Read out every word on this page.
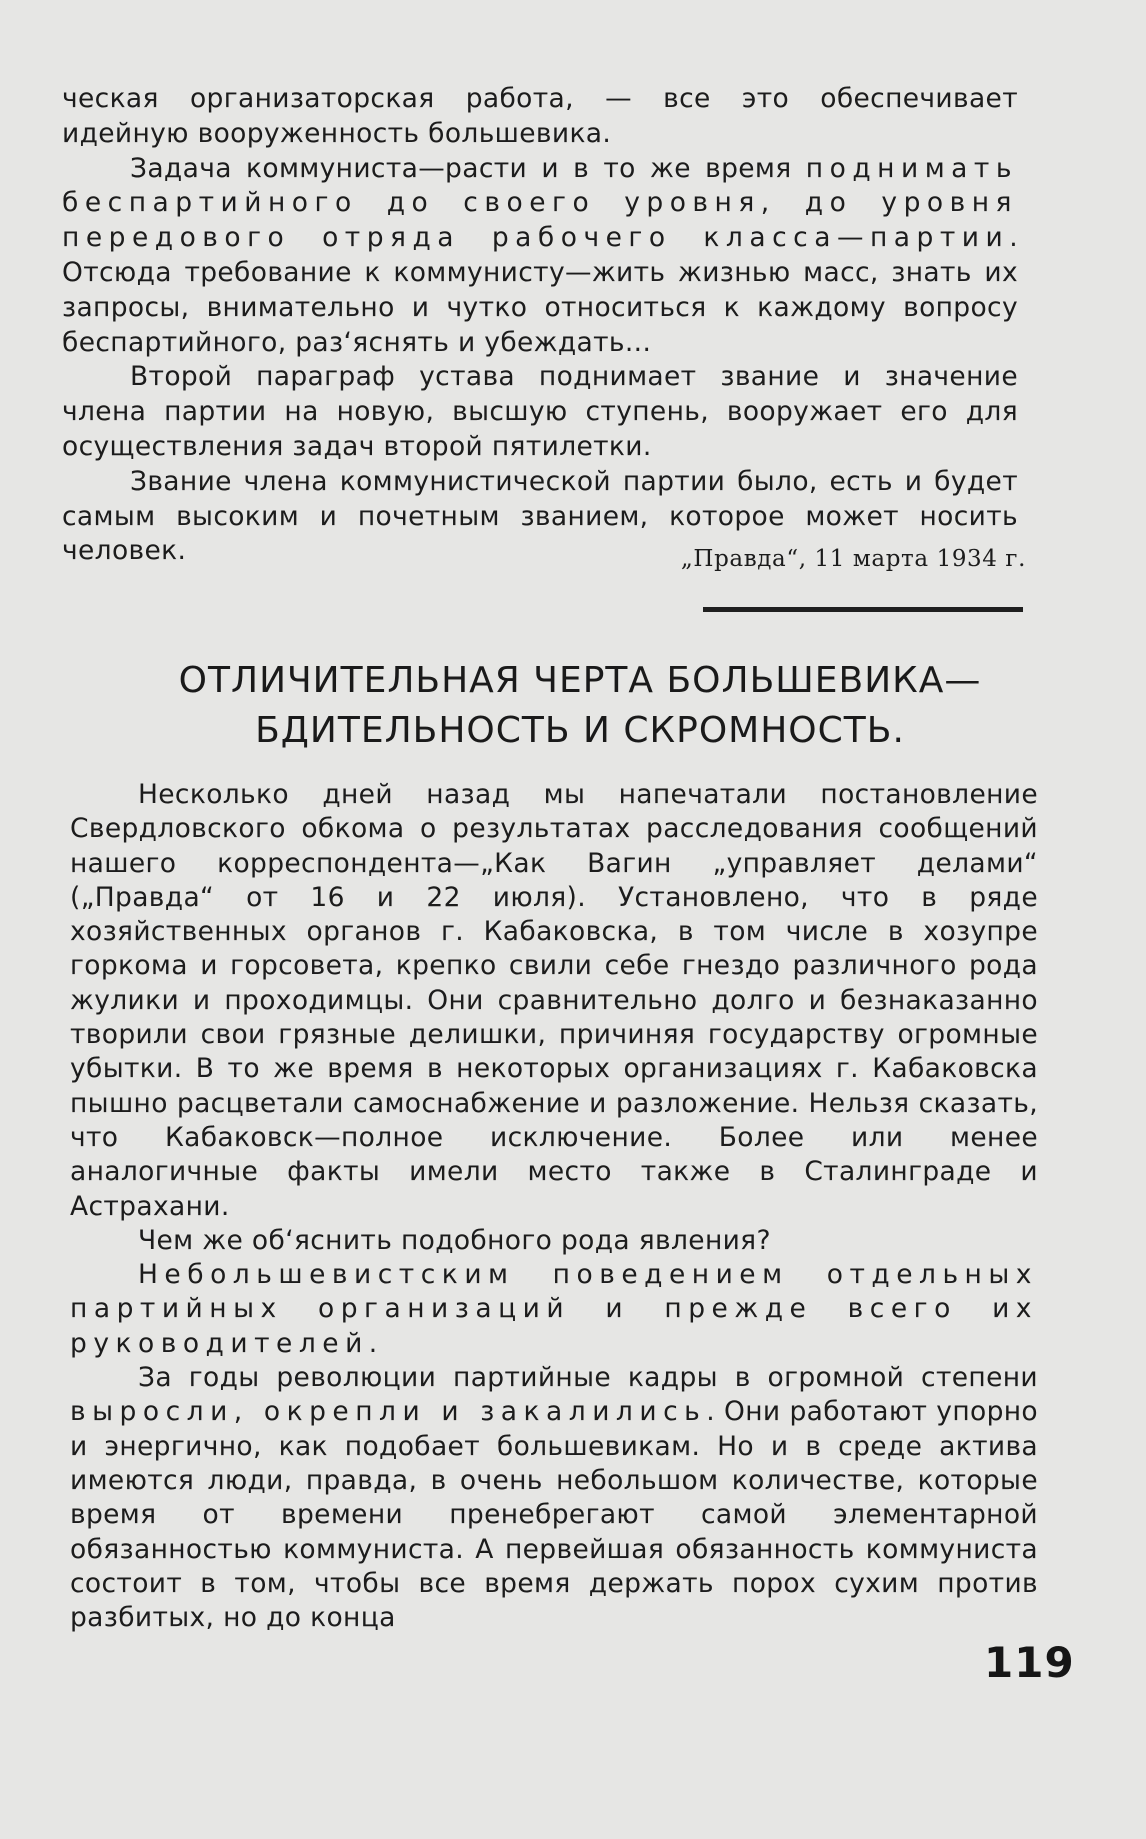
ческая организаторская работа, — все это обеспечивает идейную вооруженность большевика.

Задача коммуниста—расти и в то же время поднимать беспартийного до своего уровня, до уровня передового отряда рабочего класса—партии. Отсюда требование к коммунисту—жить жизнью масс, знать их запросы, внимательно и чутко относиться к каждому вопросу беспартийного, раз‘яснять и убеждать...

Второй параграф устава поднимает звание и значение члена партии на новую, высшую ступень, вооружает его для осуществления задач второй пятилетки.

Звание члена коммунистической партии было, есть и будет самым высоким и почетным званием, которое может носить человек.	„Правда“, 11 марта 1934 г.
ОТЛИЧИТЕЛЬНАЯ ЧЕРТА БОЛЬШЕВИКА—
БДИТЕЛЬНОСТЬ И СКРОМНОСТЬ.

Несколько дней назад мы напечатали постановление Свердловского обкома о результатах расследования сообщений нашего корреспондента—„Как Вагин „управляет делами“ („Правда“ от 16 и 22 июля). Установлено, что в ряде хозяйственных органов г. Кабаковска, в том числе в хозупре горкома и горсовета, крепко свили себе гнездо различного рода жулики и проходимцы. Они сравнительно долго и безнаказанно творили свои грязные делишки, причиняя государству огромные убытки. В то же время в некоторых организациях г. Кабаковска пышно расцветали самоснабжение и разложение. Нельзя сказать, что Кабаковск—полное исключение. Более или менее аналогичные факты имели место также в Сталинграде и Астрахани.

Чем же об‘яснить подобного рода явления?

Небольшевистским поведением отдельных партийных организаций и прежде всего их руководителей.

За годы революции партийные кадры в огромной степени выросли, окрепли и закалились. Они работают упорно и энергично, как подобает большевикам. Но и в среде актива имеются люди, правда, в очень небольшом количестве, которые время от времени пренебрегают самой элементарной обязанностью коммуниста. А первейшая обязанность коммуниста состоит в том, чтобы все время держать порох сухим против разбитых, но до конца

119
